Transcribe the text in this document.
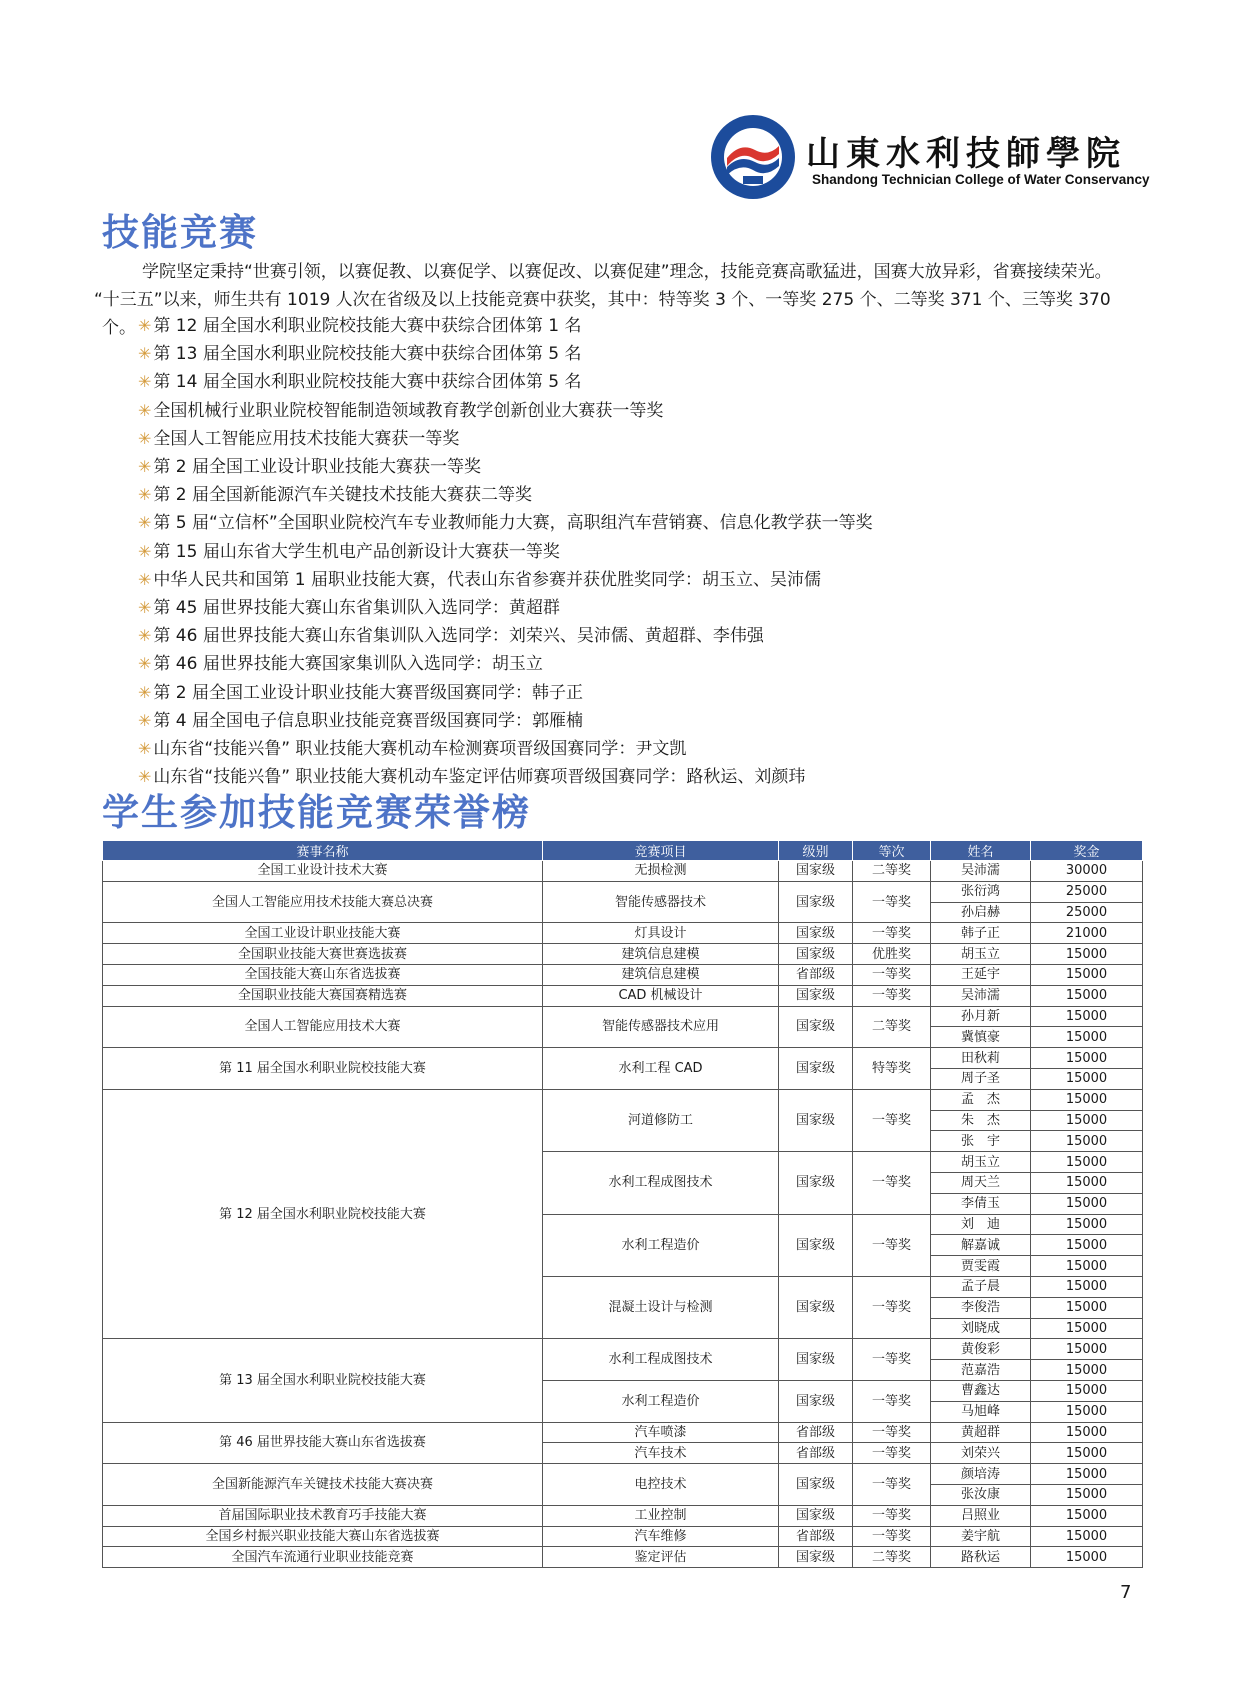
山東水利技師學院
Shandong Technician College of Water Conservancy
技能竞赛

学院坚定秉持“世赛引领，以赛促教、以赛促学、以赛促改、以赛促建”理念，技能竞赛高歌猛进，国赛大放异彩，省赛接续荣光。

“十三五”以来，师生共有 1019 人次在省级及以上技能竞赛中获奖，其中：特等奖 3 个、一等奖 275 个、二等奖 371 个、三等奖 370 个。 ✳ 第 12 届全国水利职业院校技能大赛中获综合团体第 1 名
✳ 第 13 届全国水利职业院校技能大赛中获综合团体第 5 名
✳ 第 14 届全国水利职业院校技能大赛中获综合团体第 5 名
✳ 全国机械行业职业院校智能制造领域教育教学创新创业大赛获一等奖
✳ 全国人工智能应用技术技能大赛获一等奖
✳ 第 2 届全国工业设计职业技能大赛获一等奖
✳ 第 2 届全国新能源汽车关键技术技能大赛获二等奖
✳ 第 5 届“立信杯”全国职业院校汽车专业教师能力大赛，高职组汽车营销赛、信息化教学获一等奖
✳ 第 15 届山东省大学生机电产品创新设计大赛获一等奖
✳ 中华人民共和国第 1 届职业技能大赛，代表山东省参赛并获优胜奖同学：胡玉立、吴沛儒
✳ 第 45 届世界技能大赛山东省集训队入选同学：黄超群
✳ 第 46 届世界技能大赛山东省集训队入选同学：刘荣兴、吴沛儒、黄超群、李伟强
✳ 第 46 届世界技能大赛国家集训队入选同学：胡玉立
✳ 第 2 届全国工业设计职业技能大赛晋级国赛同学：韩子正
✳ 第 4 届全国电子信息职业技能竞赛晋级国赛同学：郭雁楠
✳ 山东省“技能兴鲁” 职业技能大赛机动车检测赛项晋级国赛同学：尹文凯
✳ 山东省“技能兴鲁” 职业技能大赛机动车鉴定评估师赛项晋级国赛同学：路秋运、刘颜玮
学生参加技能竞赛荣誉榜
赛事名称	竞赛项目	级别	等次	姓名	奖金
全国工业设计技术大赛	无损检测	国家级	二等奖	吴沛濡	30000
全国人工智能应用技术技能大赛总决赛	智能传感器技术	国家级	一等奖	张衍鸿	25000
				孙启赫	25000
全国工业设计职业技能大赛	灯具设计	国家级	一等奖	韩子正	21000
全国职业技能大赛世赛选拔赛	建筑信息建模	国家级	优胜奖	胡玉立	15000
全国技能大赛山东省选拔赛	建筑信息建模	省部级	一等奖	王延宇	15000
全国职业技能大赛国赛精选赛	CAD 机械设计	国家级	一等奖	吴沛濡	15000
全国人工智能应用技术大赛	智能传感器技术应用	国家级	二等奖	孙月新	15000
				冀慎豪	15000
第 11 届全国水利职业院校技能大赛	水利工程 CAD	国家级	特等奖	田秋莉	15000
				周子圣	15000
第 12 届全国水利职业院校技能大赛	河道修防工	国家级	一等奖	孟　杰	15000
				朱　杰	15000
				张　宇	15000
	水利工程成图技术	国家级	一等奖	胡玉立	15000
				周天兰	15000
				李倩玉	15000
	水利工程造价	国家级	一等奖	刘　迪	15000
				解嘉诚	15000
				贾雯霞	15000
	混凝土设计与检测	国家级	一等奖	孟子晨	15000
				李俊浩	15000
				刘晓成	15000
第 13 届全国水利职业院校技能大赛	水利工程成图技术	国家级	一等奖	黄俊彩	15000
				范嘉浩	15000
	水利工程造价	国家级	一等奖	曹鑫达	15000
				马旭峰	15000
第 46 届世界技能大赛山东省选拔赛	汽车喷漆	省部级	一等奖	黄超群	15000
	汽车技术	省部级	一等奖	刘荣兴	15000
全国新能源汽车关键技术技能大赛决赛	电控技术	国家级	一等奖	颜培涛	15000
				张汝康	15000
首届国际职业技术教育巧手技能大赛	工业控制	国家级	一等奖	吕照业	15000
全国乡村振兴职业技能大赛山东省选拔赛	汽车维修	省部级	一等奖	姜宇航	15000
全国汽车流通行业职业技能竞赛	鉴定评估	国家级	二等奖	路秋运	15000
7
